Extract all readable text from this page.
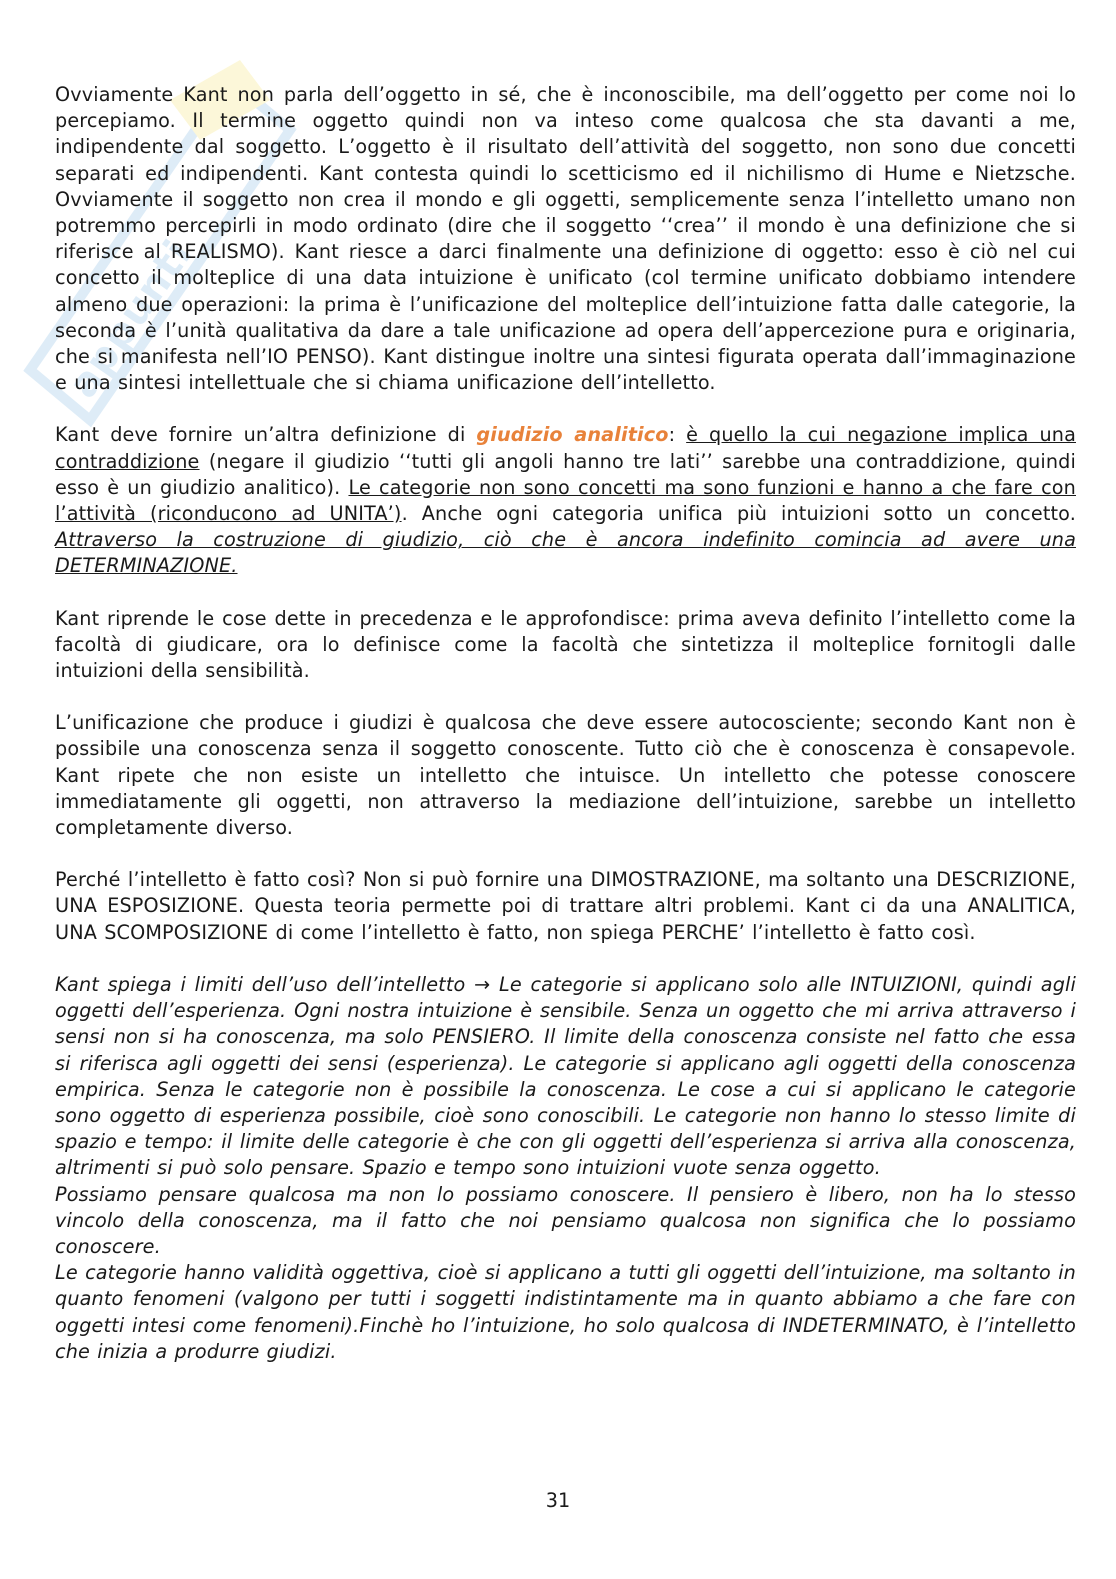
appunti

Ovviamente Kant non parla dell’oggetto in sé, che è inconoscibile, ma dell’oggetto per come noi lo percepiamo. Il termine oggetto quindi non va inteso come qualcosa che sta davanti a me, indipendente dal soggetto. L’oggetto è il risultato dell’attività del soggetto, non sono due concetti separati ed indipendenti. Kant contesta quindi lo scetticismo ed il nichilismo di Hume e Nietzsche. Ovviamente il soggetto non crea il mondo e gli oggetti, semplicemente senza l’intelletto umano non potremmo percepirli in modo ordinato (dire che il soggetto ‘‘crea’’ il mondo è una definizione che si riferisce al REALISMO). Kant riesce a darci finalmente una definizione di oggetto: esso è ciò nel cui concetto il molteplice di una data intuizione è unificato (col termine unificato dobbiamo intendere almeno due operazioni: la prima è l’unificazione del molteplice dell’intuizione fatta dalle categorie, la seconda è l’unità qualitativa da dare a tale unificazione ad opera dell’appercezione pura e originaria, che si manifesta nell’IO PENSO). Kant distingue inoltre una sintesi figurata operata dall’immaginazione e una sintesi intellettuale che si chiama unificazione dell’intelletto.

Kant deve fornire un’altra definizione di giudizio analitico: è quello la cui negazione implica una contraddizione (negare il giudizio ‘‘tutti gli angoli hanno tre lati’’ sarebbe una contraddizione, quindi esso è un giudizio analitico). Le categorie non sono concetti ma sono funzioni e hanno a che fare con l’attività (riconducono ad UNITA’). Anche ogni categoria unifica più intuizioni sotto un concetto. Attraverso la costruzione di giudizio, ciò che è ancora indefinito comincia ad avere una DETERMINAZIONE.

Kant riprende le cose dette in precedenza e le approfondisce: prima aveva definito l’intelletto come la facoltà di giudicare, ora lo definisce come la facoltà che sintetizza il molteplice fornitogli dalle intuizioni della sensibilità.

L’unificazione che produce i giudizi è qualcosa che deve essere autocosciente; secondo Kant non è possibile una conoscenza senza il soggetto conoscente. Tutto ciò che è conoscenza è consapevole. Kant ripete che non esiste un intelletto che intuisce. Un intelletto che potesse conoscere immediatamente gli oggetti, non attraverso la mediazione dell’intuizione, sarebbe un intelletto completamente diverso.

Perché l’intelletto è fatto così? Non si può fornire una DIMOSTRAZIONE, ma soltanto una DESCRIZIONE, UNA ESPOSIZIONE. Questa teoria permette poi di trattare altri problemi. Kant ci da una ANALITICA, UNA SCOMPOSIZIONE di come l’intelletto è fatto, non spiega PERCHE’ l’intelletto è fatto così.

Kant spiega i limiti dell’uso dell’intelletto → Le categorie si applicano solo alle INTUIZIONI, quindi agli oggetti dell’esperienza. Ogni nostra intuizione è sensibile. Senza un oggetto che mi arriva attraverso i sensi non si ha conoscenza, ma solo PENSIERO. Il limite della conoscenza consiste nel fatto che essa si riferisca agli oggetti dei sensi (esperienza). Le categorie si applicano agli oggetti della conoscenza empirica. Senza le categorie non è possibile la conoscenza. Le cose a cui si applicano le categorie sono oggetto di esperienza possibile, cioè sono conoscibili. Le categorie non hanno lo stesso limite di spazio e tempo: il limite delle categorie è che con gli oggetti dell’esperienza si arriva alla conoscenza, altrimenti si può solo pensare. Spazio e tempo sono intuizioni vuote senza oggetto.

Possiamo pensare qualcosa ma non lo possiamo conoscere. Il pensiero è libero, non ha lo stesso vincolo della conoscenza, ma il fatto che noi pensiamo qualcosa non significa che lo possiamo conoscere.

Le categorie hanno validità oggettiva, cioè si applicano a tutti gli oggetti dell’intuizione, ma soltanto in quanto fenomeni (valgono per tutti i soggetti indistintamente ma in quanto abbiamo a che fare con oggetti intesi come fenomeni).Finchè ho l’intuizione, ho solo qualcosa di INDETERMINATO, è l’intelletto che inizia a produrre giudizi.

31
